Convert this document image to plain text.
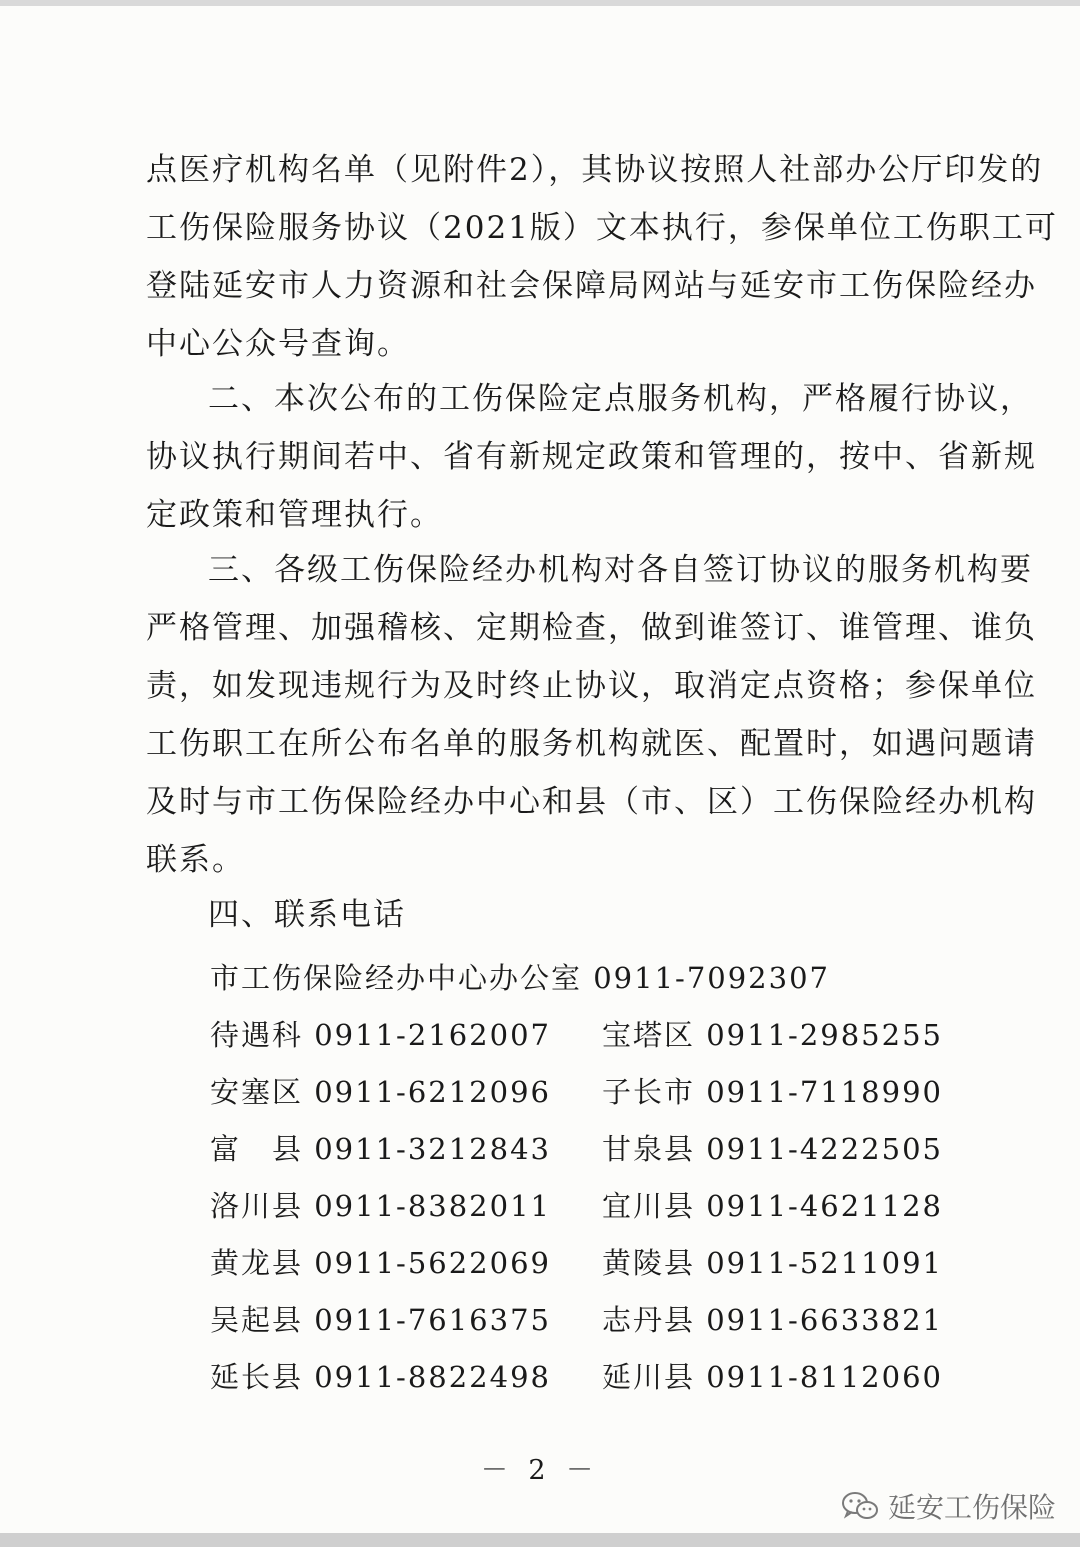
点医疗机构名单（见附件2），其协议按照人社部办公厅印发的
工伤保险服务协议（2021版）文本执行，参保单位工伤职工可
登陆延安市人力资源和社会保障局网站与延安市工伤保险经办
中心公众号查询。
二、本次公布的工伤保险定点服务机构，严格履行协议，
协议执行期间若中、省有新规定政策和管理的，按中、省新规
定政策和管理执行。
三、各级工伤保险经办机构对各自签订协议的服务机构要
严格管理、加强稽核、定期检查，做到谁签订、谁管理、谁负
责，如发现违规行为及时终止协议，取消定点资格；参保单位
工伤职工在所公布名单的服务机构就医、配置时，如遇问题请
及时与市工伤保险经办中心和县（市、区）工伤保险经办机构
联系。
四、联系电话
市工伤保险经办中心办公室 0911-7092307
待遇科 0911-2162007 宝塔区 0911-2985255
安塞区 0911-6212096 子长市 0911-7118990
富　县 0911-3212843 甘泉县 0911-4222505
洛川县 0911-8382011 宜川县 0911-4621128
黄龙县 0911-5622069 黄陵县 0911-5211091
吴起县 0911-7616375 志丹县 0911-6633821
延长县 0911-8822498 延川县 0911-8112060
－ 2 －
延安工伤保险
